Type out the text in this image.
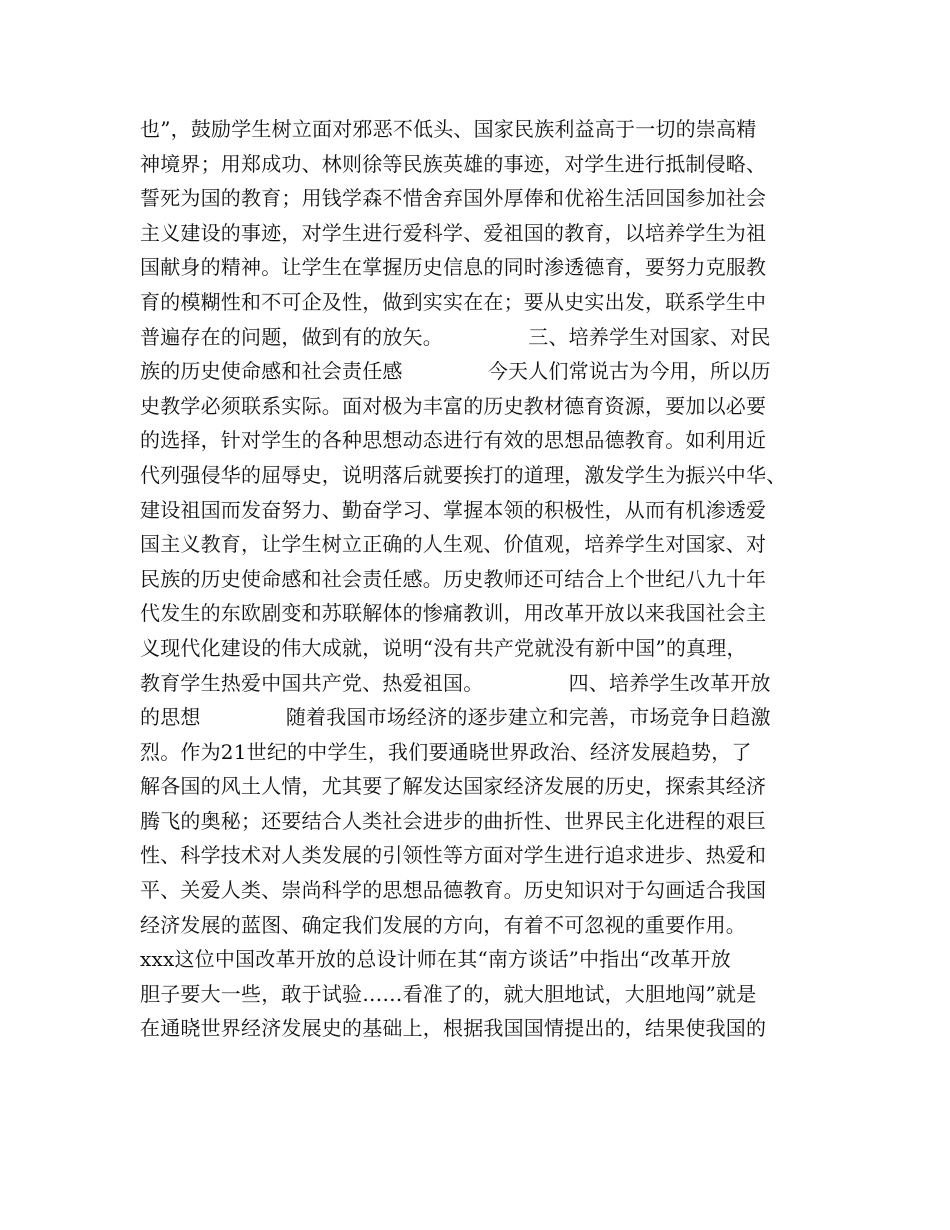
也”，鼓励学生树立面对邪恶不低头、国家民族利益高于一切的崇高精
神境界；用郑成功、林则徐等民族英雄的事迹，对学生进行抵制侵略、
誓死为国的教育；用钱学森不惜舍弃国外厚俸和优裕生活回国参加社会
主义建设的事迹，对学生进行爱科学、爱祖国的教育，以培养学生为祖
国献身的精神。让学生在掌握历史信息的同时渗透德育，要努力克服教
育的模糊性和不可企及性，做到实实在在；要从史实出发，联系学生中
普遍存在的问题，做到有的放矢。             三、培养学生对国家、对民
族的历史使命感和社会责任感             今天人们常说古为今用，所以历
史教学必须联系实际。面对极为丰富的历史教材德育资源，要加以必要
的选择，针对学生的各种思想动态进行有效的思想品德教育。如利用近
代列强侵华的屈辱史，说明落后就要挨打的道理，激发学生为振兴中华、
建设祖国而发奋努力、勤奋学习、掌握本领的积极性，从而有机渗透爱
国主义教育，让学生树立正确的人生观、价值观，培养学生对国家、对
民族的历史使命感和社会责任感。历史教师还可结合上个世纪八九十年
代发生的东欧剧变和苏联解体的惨痛教训，用改革开放以来我国社会主
义现代化建设的伟大成就，说明“没有共产党就没有新中国”的真理，
教育学生热爱中国共产党、热爱祖国。             四、培养学生改革开放
的思想             随着我国市场经济的逐步建立和完善，市场竞争日趋激
烈。作为21世纪的中学生，我们要通晓世界政治、经济发展趋势，了
解各国的风土人情，尤其要了解发达国家经济发展的历史，探索其经济
腾飞的奥秘；还要结合人类社会进步的曲折性、世界民主化进程的艰巨
性、科学技术对人类发展的引领性等方面对学生进行追求进步、热爱和
平、关爱人类、崇尚科学的思想品德教育。历史知识对于勾画适合我国
经济发展的蓝图、确定我们发展的方向，有着不可忽视的重要作用。
xxx这位中国改革开放的总设计师在其“南方谈话”中指出“改革开放
胆子要大一些，敢于试验……看准了的，就大胆地试，大胆地闯”就是
在通晓世界经济发展史的基础上，根据我国国情提出的，结果使我国的
